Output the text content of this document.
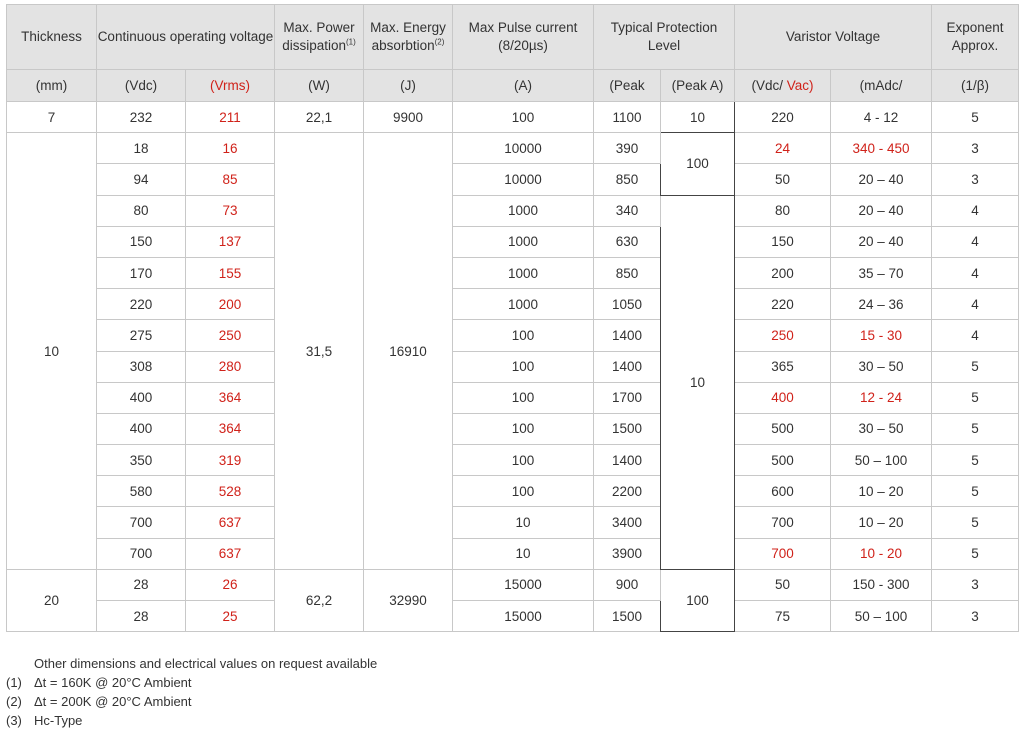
Thickness	Continuous operating voltage		Max. Power dissipation$^{(1)}$	Max. Energy absorbtion$^{(2)}$	Max Pulse current (8/20µs)	Typical Protection Level		Varistor Voltage		Exponent Approx.
(mm)	(Vdc)	(Vrms)	(W)	(J)	(A)	(Peak	(Peak A)	(Vdc/ Vac)	(mAdc/	(1/β)
7	232	211	22,1	9900	100	1100	10	220	4 - 12	5
10	18	16	31,5	16910	10000	390	100	24	340 - 450	3
	94	85			10000	850		50	20 – 40	3
	80	73			1000	340	10	80	20 – 40	4
	150	137			1000	630		150	20 – 40	4
	170	155			1000	850		200	35 – 70	4
	220	200			1000	1050		220	24 – 36	4
	275	250			100	1400		250	15 - 30	4
	308	280			100	1400		365	30 – 50	5
	400	364			100	1700		400	12 - 24	5
	400	364			100	1500		500	30 – 50	5
	350	319			100	1400		500	50 – 100	5
	580	528			100	2200		600	10 – 20	5
	700	637			10	3400		700	10 – 20	5
	700	637			10	3900		700	10 - 20	5
20	28	26	62,2	32990	15000	900	100	50	150 - 300	3
	28	25			15000	1500		75	50 – 100	3
Other dimensions and electrical values on request available
(1) Δt = 160K @ 20°C Ambient
(2) Δt = 200K @ 20°C Ambient
(3) Hc-Type
